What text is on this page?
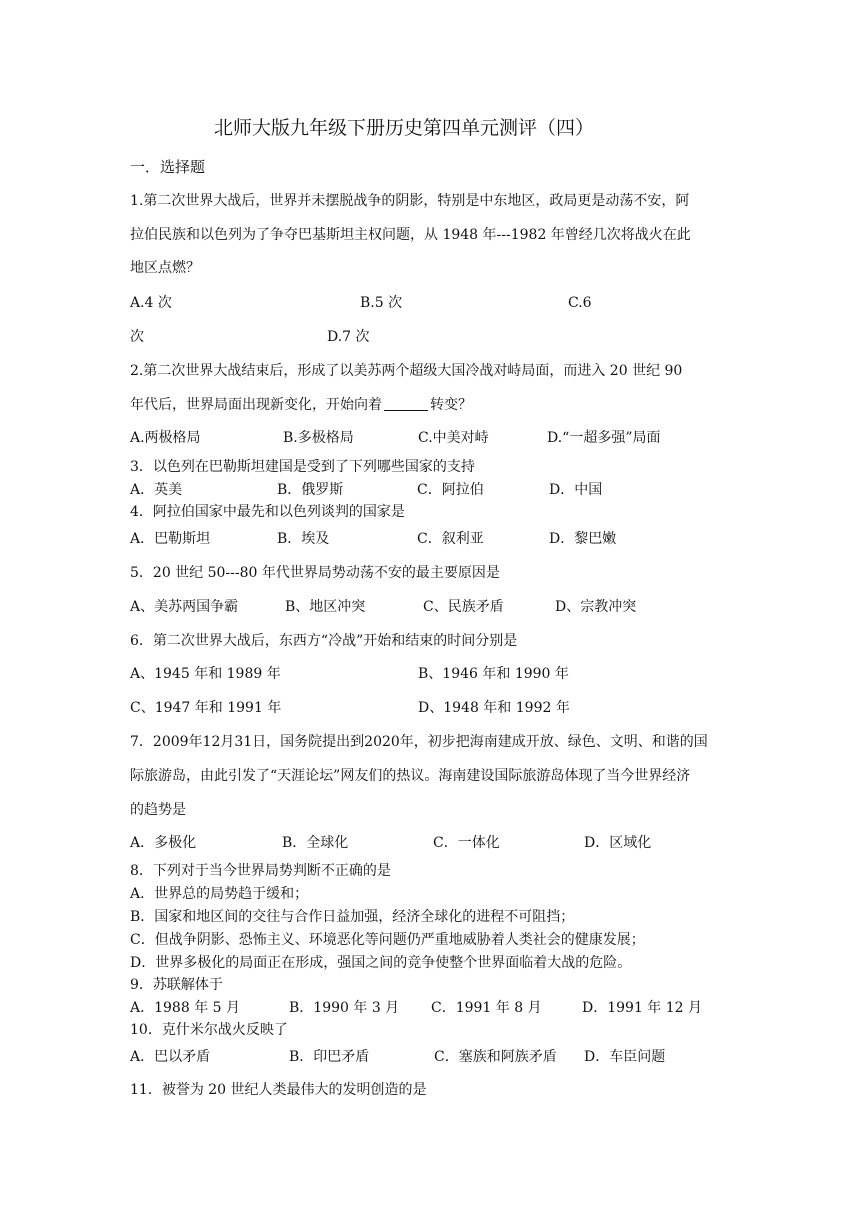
北师大版九年级下册历史第四单元测评（四）
一．选择题
1.第二次世界大战后，世界并未摆脱战争的阴影，特别是中东地区，政局更是动荡不安，阿
拉伯民族和以色列为了争夺巴基斯坦主权问题，从 1948 年---1982 年曾经几次将战火在此
地区点燃？
A.4 次	B.5 次	C.6
次	D.7 次
2.第二次世界大战结束后，形成了以美苏两个超级大国冷战对峙局面，而进入 20 世纪 90
年代后，世界局面出现新变化，开始向着	转变？
A.两极格局	B.多极格局	C.中美对峙	D.“一超多强”局面
3．以色列在巴勒斯坦建国是受到了下列哪些国家的支持
A．英美	B．俄罗斯	C．阿拉伯	D．中国
4．阿拉伯国家中最先和以色列谈判的国家是
A．巴勒斯坦	B．埃及	C．叙利亚	D．黎巴嫩
5．20 世纪 50---80 年代世界局势动荡不安的最主要原因是
A、美苏两国争霸	B、地区冲突	C、民族矛盾	D、宗教冲突
6．第二次世界大战后，东西方“冷战”开始和结束的时间分别是
A、1945 年和 1989 年	B、1946 年和 1990 年
C、1947 年和 1991 年	D、1948 年和 1992 年
7．2009年12月31日，国务院提出到2020年，初步把海南建成开放、绿色、文明、和谐的国
际旅游岛，由此引发了“天涯论坛”网友们的热议。海南建设国际旅游岛体现了当今世界经济
的趋势是
A．多极化	B．全球化	C．一体化	D．区域化
8．下列对于当今世界局势判断不正确的是
A．世界总的局势趋于缓和；
B．国家和地区间的交往与合作日益加强，经济全球化的进程不可阻挡；
C．但战争阴影、恐怖主义、环境恶化等问题仍严重地威胁着人类社会的健康发展；
D．世界多极化的局面正在形成，强国之间的竞争使整个世界面临着大战的危险。
9．苏联解体于
A．1988 年 5 月	B．1990 年 3 月 C．1991 年 8 月	D．1991 年 12 月
10．克什米尔战火反映了
A．巴以矛盾	B．印巴矛盾	C．塞族和阿族矛盾 D．车臣问题
11．被誉为 20 世纪人类最伟大的发明创造的是
